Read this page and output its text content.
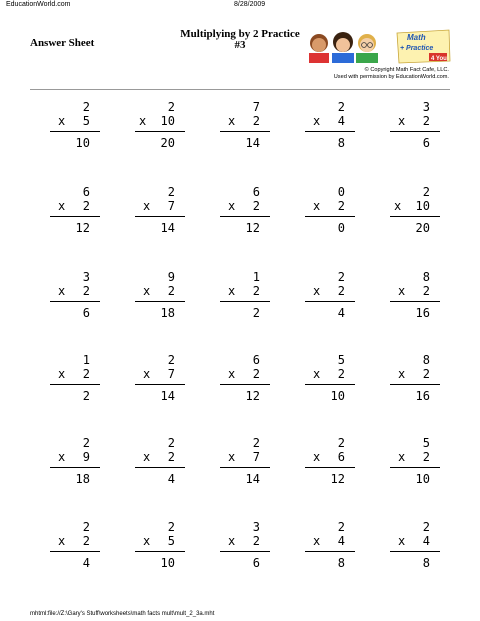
EducationWorld.com	8/28/2009
Answer Sheet
Multiplying by 2 Practice
#3
Math
+ Practice
4 You
© Copyright Math Fact Cafe, LLC.
Used with permission by EducationWorld.com.
2
x 5
10
2
x 10
20
7
x 2
14
2
x 4
8
3
x 2
6
6
x 2
12
2
x 7
14
6
x 2
12
0
x 2
0
2
x 10
20
3
x 2
6
9
x 2
18
1
x 2
2
2
x 2
4
8
x 2
16
1
x 2
2
2
x 7
14
6
x 2
12
5
x 2
10
8
x 2
16
2
x 9
18
2
x 2
4
2
x 7
14
2
x 6
12
5
x 2
10
2
x 2
4
2
x 5
10
3
x 2
6
2
x 4
8
2
x 4
8
mhtml:file://Z:\Gary's Stuff\worksheets\math facts mult\mult_2_3a.mht
